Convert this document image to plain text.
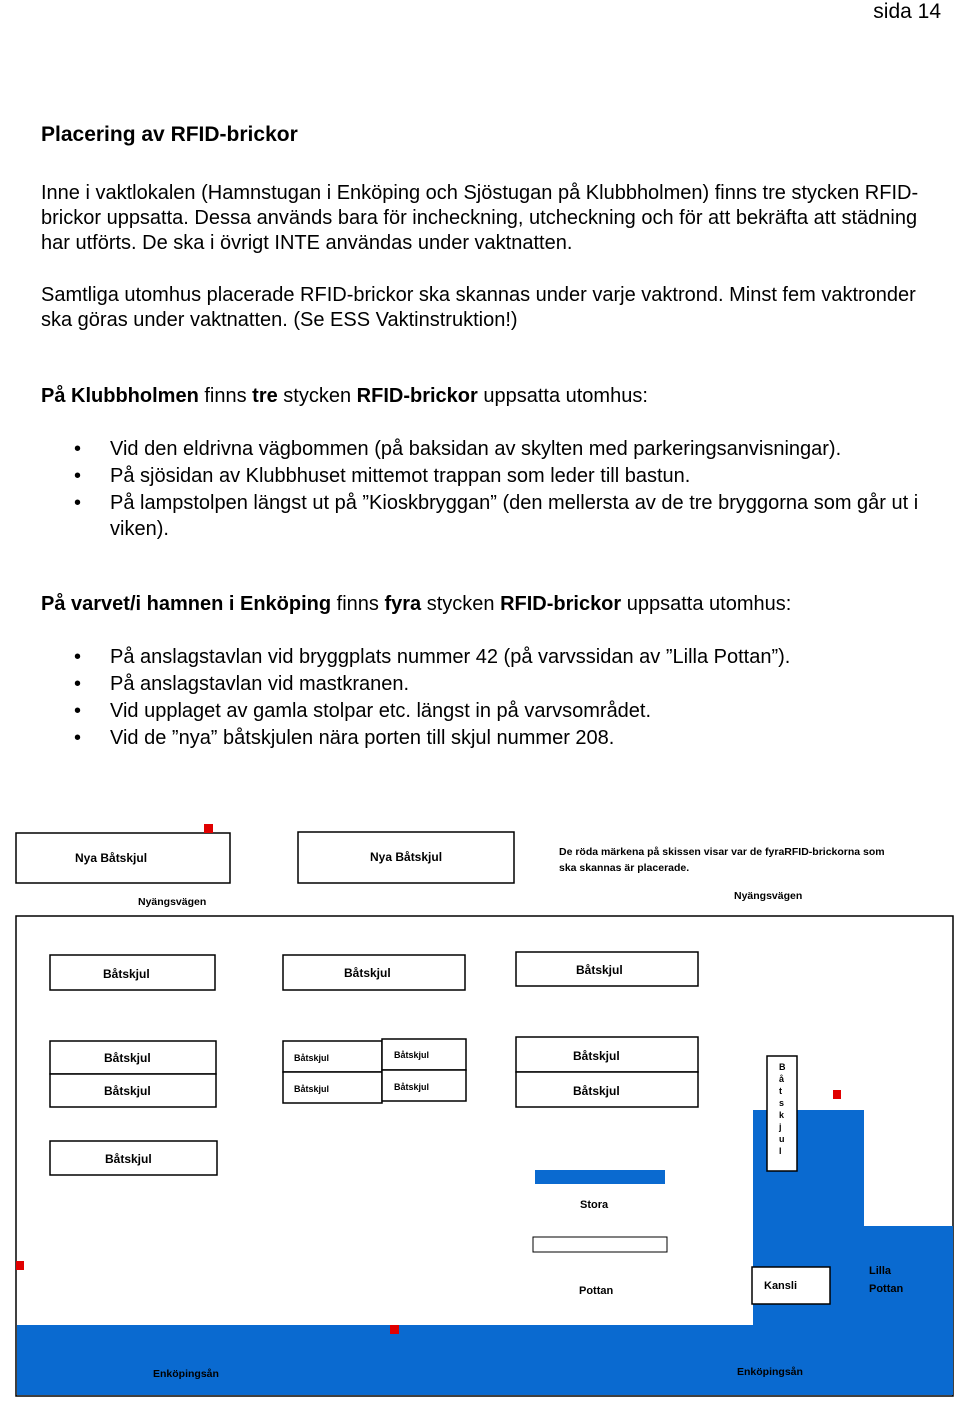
sida 14
Placering av RFID-brickor

Inne i vaktlokalen (Hamnstugan i Enköping och Sjöstugan på Klubbholmen) finns tre stycken RFID-brickor uppsatta. Dessa används bara för incheckning, utcheckning och för att bekräfta att städning har utförts. De ska i övrigt INTE användas under vaktnatten.

Samtliga utomhus placerade RFID-brickor ska skannas under varje vaktrond. Minst fem vaktronder ska göras under vaktnatten. (Se ESS Vaktinstruktion!)

På Klubbholmen finns tre stycken RFID-brickor uppsatta utomhus:

• Vid den eldrivna vägbommen (på baksidan av skylten med parkeringsanvisningar).
• På sjösidan av Klubbhuset mittemot trappan som leder till bastun.
• På lampstolpen längst ut på ”Kioskbryggan” (den mellersta av de tre bryggorna som går ut i viken).

På varvet/i hamnen i Enköping finns fyra stycken RFID-brickor uppsatta utomhus:

• På anslagstavlan vid bryggplats nummer 42 (på varvssidan av ”Lilla Pottan”).
• På anslagstavlan vid mastkranen.
• Vid upplaget av gamla stolpar etc. längst in på varvsområdet.
• Vid de ”nya” båtskjulen nära porten till skjul nummer 208.
Nya Båtskjul	Nya Båtskjul	De röda märkena på skissen visar var de fyraRFID-brickorna som
ska skannas är placerade.
Nyängsvägen	Nyängsvägen
Kansli
Stora
Pottan
Lilla
Pottan
Enköpingsån	Enköpingsån
Båtskjul	Båtskjul	Båtskjul
Båtskjul
Båtskjul
Båtskjul
Båtskjul
Båtskjul
Båtskjul
Båtskjul
Båtskjul
Båtskjul
B
å
t
s
k
j
u
l
